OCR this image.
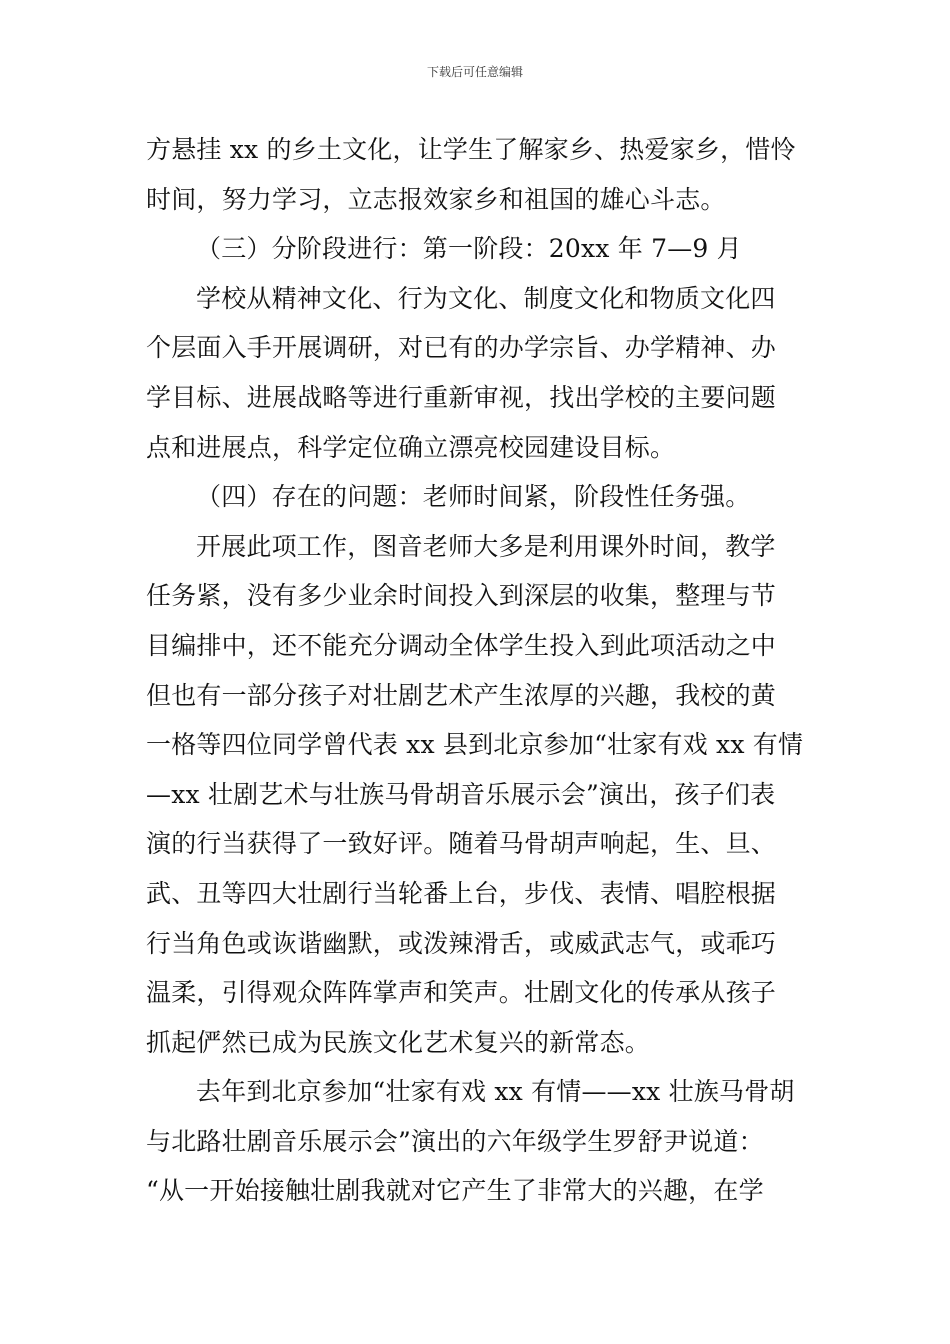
下载后可任意编辑
方悬挂 xx 的乡土文化，让学生了解家乡、热爱家乡，惜怜
时间，努力学习，立志报效家乡和祖国的雄心斗志。
（三）分阶段进行：第一阶段：20xx 年 7—9 月
学校从精神文化、行为文化、制度文化和物质文化四
个层面入手开展调研，对已有的办学宗旨、办学精神、办
学目标、进展战略等进行重新审视，找出学校的主要问题
点和进展点，科学定位确立漂亮校园建设目标。
（四）存在的问题：老师时间紧，阶段性任务强。
开展此项工作，图音老师大多是利用课外时间，教学
任务紧，没有多少业余时间投入到深层的收集，整理与节
目编排中，还不能充分调动全体学生投入到此项活动之中
但也有一部分孩子对壮剧艺术产生浓厚的兴趣，我校的黄
一格等四位同学曾代表 xx 县到北京参加“壮家有戏 xx 有情
—xx 壮剧艺术与壮族马骨胡音乐展示会”演出，孩子们表
演的行当获得了一致好评。随着马骨胡声响起，生、旦、
武、丑等四大壮剧行当轮番上台，步伐、表情、唱腔根据
行当角色或诙谐幽默，或泼辣滑舌，或威武志气，或乖巧
温柔，引得观众阵阵掌声和笑声。壮剧文化的传承从孩子
抓起俨然已成为民族文化艺术复兴的新常态。
去年到北京参加“壮家有戏 xx 有情——xx 壮族马骨胡
与北路壮剧音乐展示会”演出的六年级学生罗舒尹说道：
“从一开始接触壮剧我就对它产生了非常大的兴趣，在学
